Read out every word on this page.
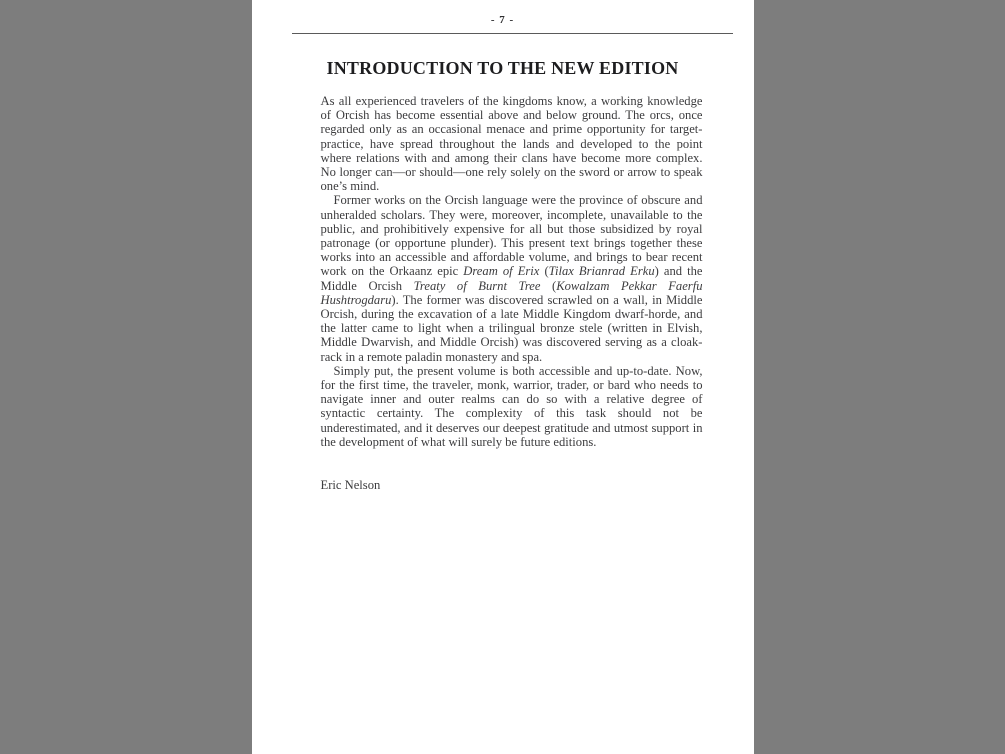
- 7 -
INTRODUCTION TO THE NEW EDITION

As all experienced travelers of the kingdoms know, a working knowledge of Orcish has become essential above and below ground. The orcs, once regarded only as an occasional menace and prime opportunity for target-practice, have spread throughout the lands and developed to the point where relations with and among their clans have become more complex. No longer can—or should—one rely solely on the sword or arrow to speak one’s mind.

Former works on the Orcish language were the province of obscure and unheralded scholars. They were, moreover, incomplete, unavailable to the public, and prohibitively expensive for all but those subsidized by royal patronage (or opportune plunder). This present text brings together these works into an accessible and affordable volume, and brings to bear recent work on the Orkaanz epic Dream of Erix (Tilax Brianrad Erku) and the Middle Orcish Treaty of Burnt Tree (Kowalzam Pekkar Faerfu Hushtrogdaru). The former was discovered scrawled on a wall, in Middle Orcish, during the excavation of a late Middle Kingdom dwarf-horde, and the latter came to light when a trilingual bronze stele (written in Elvish, Middle Dwarvish, and Middle Orcish) was discovered serving as a cloak-rack in a remote paladin monastery and spa.

Simply put, the present volume is both accessible and up-to-date. Now, for the first time, the traveler, monk, warrior, trader, or bard who needs to navigate inner and outer realms can do so with a relative degree of syntactic certainty. The complexity of this task should not be underestimated, and it deserves our deepest gratitude and utmost support in the development of what will surely be future editions.

Eric Nelson
